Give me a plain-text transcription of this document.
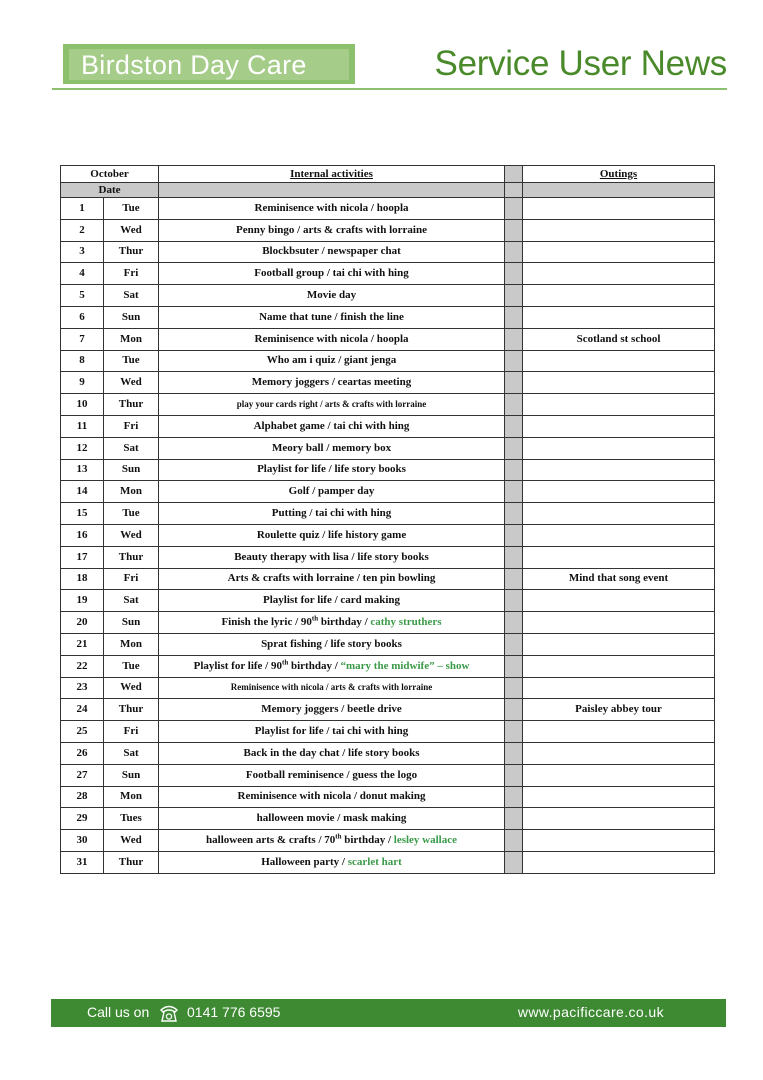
Birdston Day Care	Service User News
October		Internal activities		Outings
Date				
1	Tue	Reminisence with nicola / hoopla		
2	Wed	Penny bingo / arts & crafts with lorraine		
3	Thur	Blockbsuter / newspaper chat		
4	Fri	Football group / tai chi with hing		
5	Sat	Movie day		
6	Sun	Name that tune / finish the line		
7	Mon	Reminisence with nicola / hoopla		Scotland st school
8	Tue	Who am i quiz / giant jenga		
9	Wed	Memory joggers / ceartas meeting		
10	Thur	play your cards right / arts & crafts with lorraine		
11	Fri	Alphabet game / tai chi with hing		
12	Sat	Meory ball / memory box		
13	Sun	Playlist for life / life story books		
14	Mon	Golf / pamper day		
15	Tue	Putting / tai chi with hing		
16	Wed	Roulette quiz / life history game		
17	Thur	Beauty therapy with lisa / life story books		
18	Fri	Arts & crafts with lorraine / ten pin bowling		Mind that song event
19	Sat	Playlist for life / card making		
20	Sun	Finish the lyric / 90th birthday / cathy struthers		
21	Mon	Sprat fishing / life story books		
22	Tue	Playlist for life / 90th birthday / “mary the midwife” – show		
23	Wed	Reminisence with nicola / arts & crafts with lorraine		
24	Thur	Memory joggers / beetle drive		Paisley abbey tour
25	Fri	Playlist for life / tai chi with hing		
26	Sat	Back in the day chat / life story books		
27	Sun	Football reminisence / guess the logo		
28	Mon	Reminisence with nicola / donut making		
29	Tues	halloween movie / mask making		
30	Wed	halloween arts & crafts / 70th birthday / lesley wallace		
31	Thur	Halloween party / scarlet hart		
Call us on	0141 776 6595	www.pacificcare.co.uk
